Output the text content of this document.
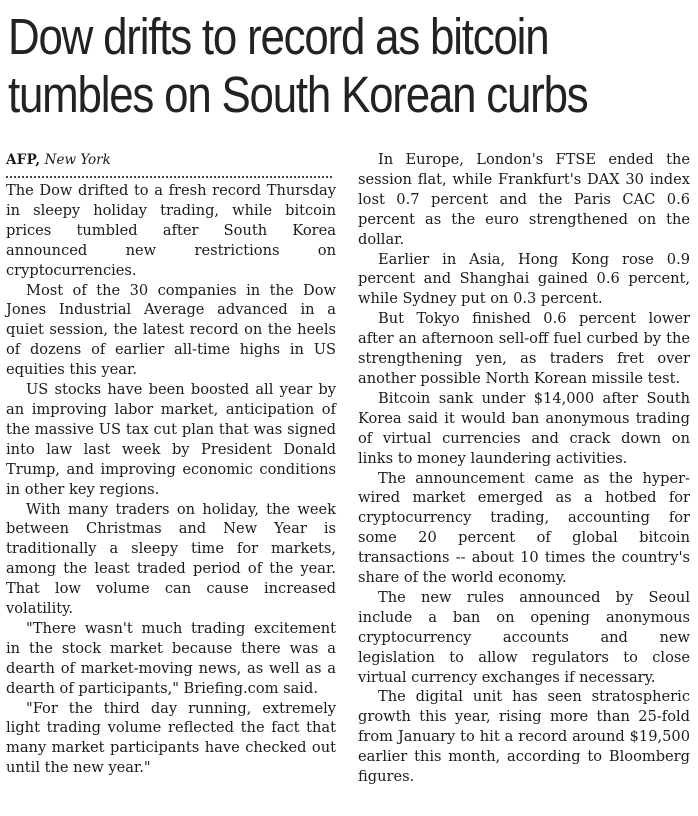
Dow drifts to record as bitcoin
tumbles on South Korean curbs
AFP, New York

The Dow drifted to a fresh record Thursday in sleepy holiday trading, while bitcoin prices tumbled after South Korea announced new restrictions on cryptocurrencies.

Most of the 30 companies in the Dow Jones Industrial Average advanced in a quiet session, the latest record on the heels of dozens of earlier all-time highs in US equities this year.

US stocks have been boosted all year by an improving labor market, anticipation of the massive US tax cut plan that was signed into law last week by President Donald Trump, and improving economic conditions in other key regions.

With many traders on holiday, the week between Christmas and New Year is traditionally a sleepy time for markets, among the least traded period of the year. That low volume can cause increased volatility.

"There wasn't much trading excitement in the stock market because there was a dearth of market-moving news, as well as a dearth of participants," Briefing.com said.

"For the third day running, extremely light trading volume reflected the fact that many market participants have checked out until the new year."

In Europe, London's FTSE ended the session flat, while Frankfurt's DAX 30 index lost 0.7 percent and the Paris CAC 0.6 percent as the euro strengthened on the dollar.

Earlier in Asia, Hong Kong rose 0.9 percent and Shanghai gained 0.6 percent, while Sydney put on 0.3 percent.

But Tokyo finished 0.6 percent lower after an afternoon sell-off fuel curbed by the strengthening yen, as traders fret over another possible North Korean missile test.

Bitcoin sank under $14,000 after South Korea said it would ban anonymous trading of virtual currencies and crack down on links to money laundering activities.

The announcement came as the hyper-wired market emerged as a hotbed for cryptocurrency trading, accounting for some 20 percent of global bitcoin transactions -- about 10 times the country's share of the world economy.

The new rules announced by Seoul include a ban on opening anonymous cryptocurrency accounts and new legislation to allow regulators to close virtual currency exchanges if necessary.

The digital unit has seen stratospheric growth this year, rising more than 25-fold from January to hit a record around $19,500 earlier this month, according to Bloomberg figures.
